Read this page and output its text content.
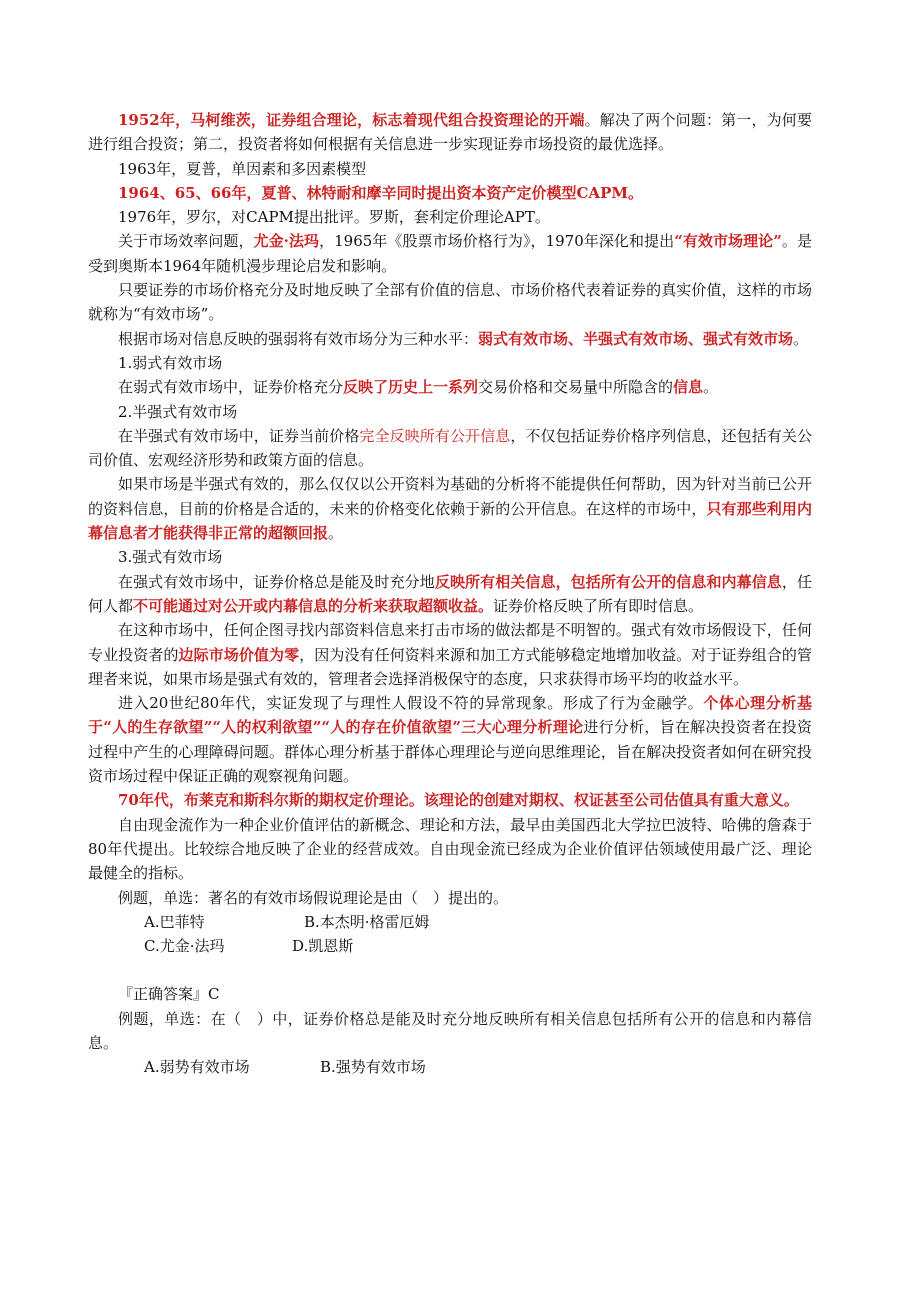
1952年，马柯维茨，证券组合理论，标志着现代组合投资理论的开端。解决了两个问题：第一，为何要进行组合投资；第二，投资者将如何根据有关信息进一步实现证券市场投资的最优选择。

1963年，夏普，单因素和多因素模型

1964、65、66年，夏普、林特耐和摩辛同时提出资本资产定价模型CAPM。

1976年，罗尔，对CAPM提出批评。罗斯，套利定价理论APT。

关于市场效率问题，尤金·法玛，1965年《股票市场价格行为》，1970年深化和提出“有效市场理论”。是受到奥斯本1964年随机漫步理论启发和影响。

只要证券的市场价格充分及时地反映了全部有价值的信息、市场价格代表着证券的真实价值，这样的市场就称为“有效市场”。

根据市场对信息反映的强弱将有效市场分为三种水平：弱式有效市场、半强式有效市场、强式有效市场。

1.弱式有效市场

在弱式有效市场中，证券价格充分反映了历史上一系列交易价格和交易量中所隐含的信息。

2.半强式有效市场

在半强式有效市场中，证券当前价格完全反映所有公开信息，不仅包括证券价格序列信息，还包括有关公司价值、宏观经济形势和政策方面的信息。

如果市场是半强式有效的，那么仅仅以公开资料为基础的分析将不能提供任何帮助，因为针对当前已公开的资料信息，目前的价格是合适的，未来的价格变化依赖于新的公开信息。在这样的市场中，只有那些利用内幕信息者才能获得非正常的超额回报。

3.强式有效市场

在强式有效市场中，证券价格总是能及时充分地反映所有相关信息，包括所有公开的信息和内幕信息，任何人都不可能通过对公开或内幕信息的分析来获取超额收益。证券价格反映了所有即时信息。

在这种市场中，任何企图寻找内部资料信息来打击市场的做法都是不明智的。强式有效市场假设下，任何专业投资者的边际市场价值为零，因为没有任何资料来源和加工方式能够稳定地增加收益。对于证券组合的管理者来说，如果市场是强式有效的，管理者会选择消极保守的态度，只求获得市场平均的收益水平。

进入20世纪80年代，实证发现了与理性人假设不符的异常现象。形成了行为金融学。个体心理分析基于“人的生存欲望”“人的权利欲望”“人的存在价值欲望”三大心理分析理论进行分析，旨在解决投资者在投资过程中产生的心理障碍问题。群体心理分析基于群体心理理论与逆向思维理论，旨在解决投资者如何在研究投资市场过程中保证正确的观察视角问题。

70年代，布莱克和斯科尔斯的期权定价理论。该理论的创建对期权、权证甚至公司估值具有重大意义。

自由现金流作为一种企业价值评估的新概念、理论和方法，最早由美国西北大学拉巴波特、哈佛的詹森于80年代提出。比较综合地反映了企业的经营成效。自由现金流已经成为企业价值评估领域使用最广泛、理论最健全的指标。

例题，单选：著名的有效市场假说理论是由（　）提出的。

A.巴菲特	B.本杰明·格雷厄姆
C.尤金·法玛	D.凯恩斯

『正确答案』C

例题，单选：在（　）中，证券价格总是能及时充分地反映所有相关信息包括所有公开的信息和内幕信息。

A.弱势有效市场	B.强势有效市场
